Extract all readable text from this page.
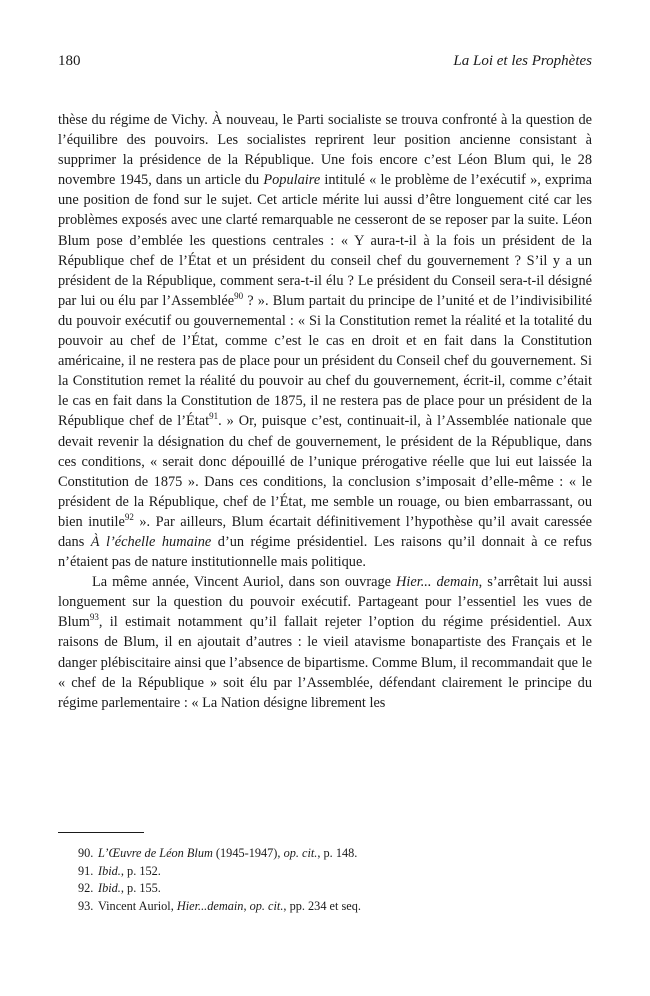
180	La Loi et les Prophètes

thèse du régime de Vichy. À nouveau, le Parti socialiste se trouva confronté à la question de l’équilibre des pouvoirs. Les socialistes reprirent leur position ancienne consistant à supprimer la présidence de la République. Une fois encore c’est Léon Blum qui, le 28 novembre 1945, dans un article du Populaire intitulé « le problème de l’exécutif », exprima une position de fond sur le sujet. Cet article mérite lui aussi d’être longuement cité car les problèmes exposés avec une clarté remarquable ne cesseront de se reposer par la suite. Léon Blum pose d’emblée les questions centrales : « Y aura-t-il à la fois un président de la République chef de l’État et un président du conseil chef du gouvernement ? S’il y a un président de la République, comment sera-t-il élu ? Le président du Conseil sera-t-il désigné par lui ou élu par l’Assemblée$^{90}$ ? ». Blum partait du principe de l’unité et de l’indivisibilité du pouvoir exécutif ou gouvernemental : « Si la Constitution remet la réalité et la totalité du pouvoir au chef de l’État, comme c’est le cas en droit et en fait dans la Constitution américaine, il ne restera pas de place pour un président du Conseil chef du gouvernement. Si la Constitution remet la réalité du pouvoir au chef du gouvernement, écrit-il, comme c’était le cas en fait dans la Constitution de 1875, il ne restera pas de place pour un président de la République chef de l’État$^{91}$. » Or, puisque c’est, continuait-il, à l’Assemblée nationale que devait revenir la désignation du chef de gouvernement, le président de la République, dans ces conditions, « serait donc dépouillé de l’unique prérogative réelle que lui eut laissée la Constitution de 1875 ». Dans ces conditions, la conclusion s’imposait d’elle-même : « le président de la République, chef de l’État, me semble un rouage, ou bien embarrassant, ou bien inutile$^{92}$ ». Par ailleurs, Blum écartait définitivement l’hypothèse qu’il avait caressée dans À l’échelle humaine d’un régime présidentiel. Les raisons qu’il donnait à ce refus n’étaient pas de nature institutionnelle mais politique.

La même année, Vincent Auriol, dans son ouvrage Hier... demain, s’arrêtait lui aussi longuement sur la question du pouvoir exécutif. Partageant pour l’essentiel les vues de Blum$^{93}$, il estimait notamment qu’il fallait rejeter l’option du régime présidentiel. Aux raisons de Blum, il en ajoutait d’autres : le vieil atavisme bonapartiste des Français et le danger plébiscitaire ainsi que l’absence de bipartisme. Comme Blum, il recommandait que le « chef de la République » soit élu par l’Assemblée, défendant clairement le principe du régime parlementaire : « La Nation désigne librement les

90. L’Œuvre de Léon Blum (1945-1947), op. cit., p. 148.
91. Ibid., p. 152.
92. Ibid., p. 155.
93. Vincent Auriol, Hier...demain, op. cit., pp. 234 et seq.
